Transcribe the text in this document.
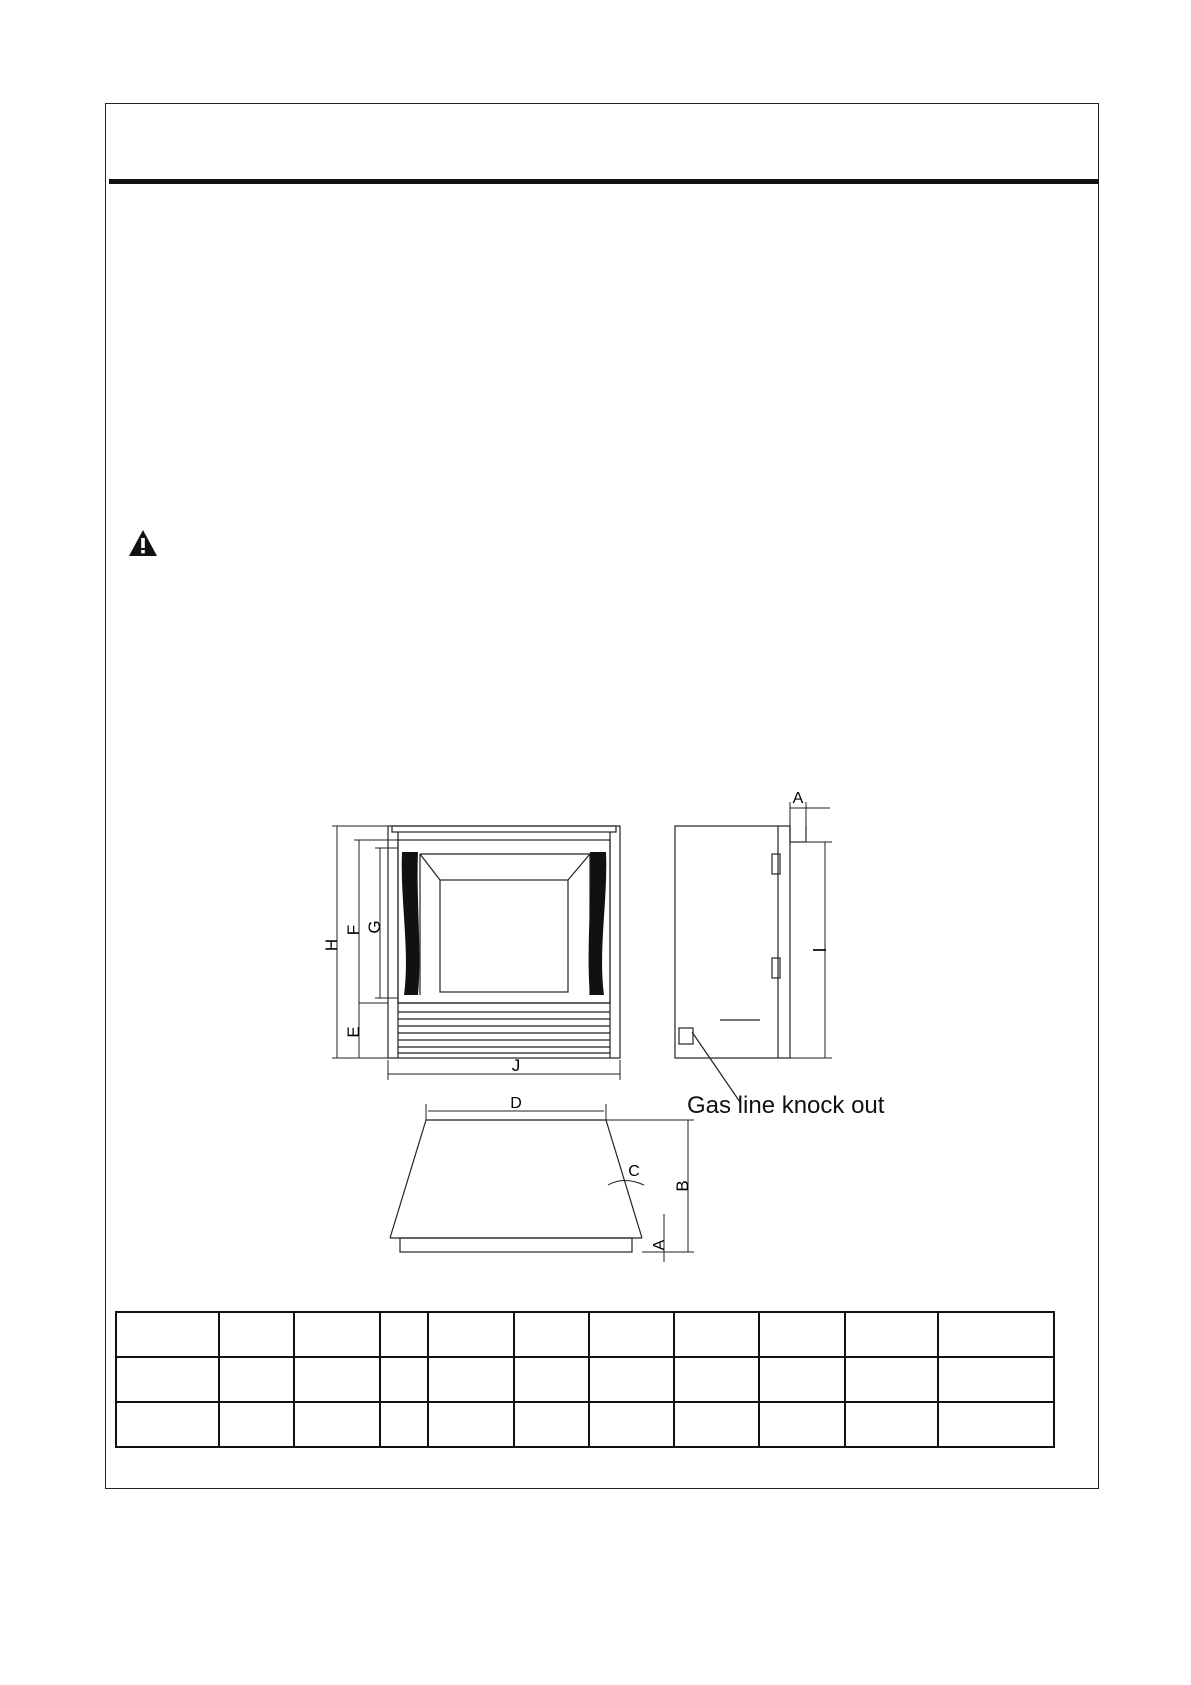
H
F G
E
J
A
I
D
B
C
A
Gas line knock out
